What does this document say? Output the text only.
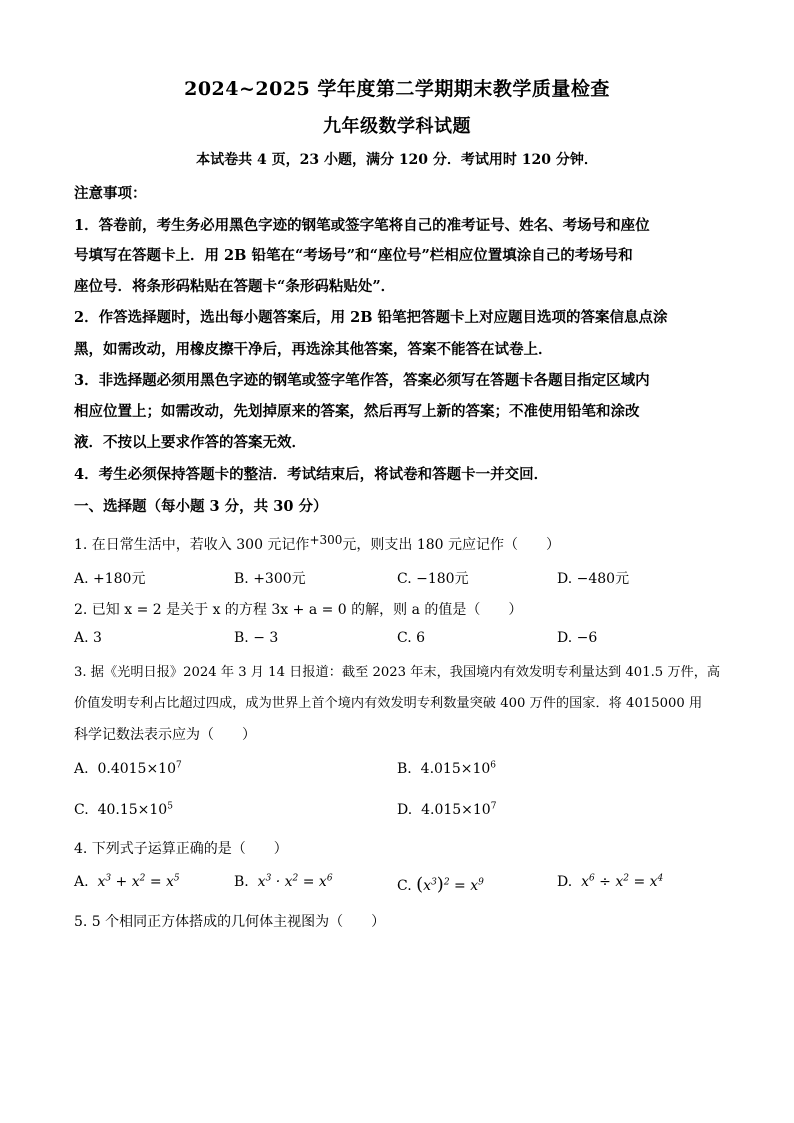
2024~2025 学年度第二学期期末教学质量检查
九年级数学科试题
本试卷共 4 页，23 小题，满分 120 分．考试用时 120 分钟．
注意事项：
1．答卷前，考生务必用黑色字迹的钢笔或签字笔将自己的准考证号、姓名、考场号和座位
号填写在答题卡上．用 2B 铅笔在“考场号”和“座位号”栏相应位置填涂自己的考场号和
座位号．将条形码粘贴在答题卡“条形码粘贴处”．
2．作答选择题时，选出每小题答案后，用 2B 铅笔把答题卡上对应题目选项的答案信息点涂
黑，如需改动，用橡皮擦干净后，再选涂其他答案，答案不能答在试卷上．
3．非选择题必须用黑色字迹的钢笔或签字笔作答，答案必须写在答题卡各题目指定区域内
相应位置上；如需改动，先划掉原来的答案，然后再写上新的答案；不准使用铅笔和涂改
液．不按以上要求作答的答案无效．
4．考生必须保持答题卡的整洁．考试结束后，将试卷和答题卡一并交回．
一、选择题（每小题 3 分，共 30 分）
1. 在日常生活中，若收入 300 元记作+300元，则支出 180 元应记作（　　）
A. +180元	B. +300元	C. −180元	D. −480元
2. 已知 x = 2 是关于 x 的方程 3x + a = 0 的解，则 a 的值是（　　）
A. 3	B. − 3	C. 6	D. −6
3. 据《光明日报》2024 年 3 月 14 日报道：截至 2023 年末，我国境内有效发明专利量达到 401.5 万件，高
价值发明专利占比超过四成，成为世界上首个境内有效发明专利数量突破 400 万件的国家．将 4015000 用
科学记数法表示应为（　　）
A. $0.4015\times 10^7$	B. $4.015\times 10^6$
C. $40.15\times 10^5$	D. $4.015\times 10^7$
4. 下列式子运算正确的是（　　）
A. $x^3 + x^2 = x^5$	B. $x^3 \cdot x^2 = x^6$	C. $(x^3)^2 = x^9$	D. $x^6 \div x^2 = x^4$
5. 5 个相同正方体搭成的几何体主视图为（　　）
